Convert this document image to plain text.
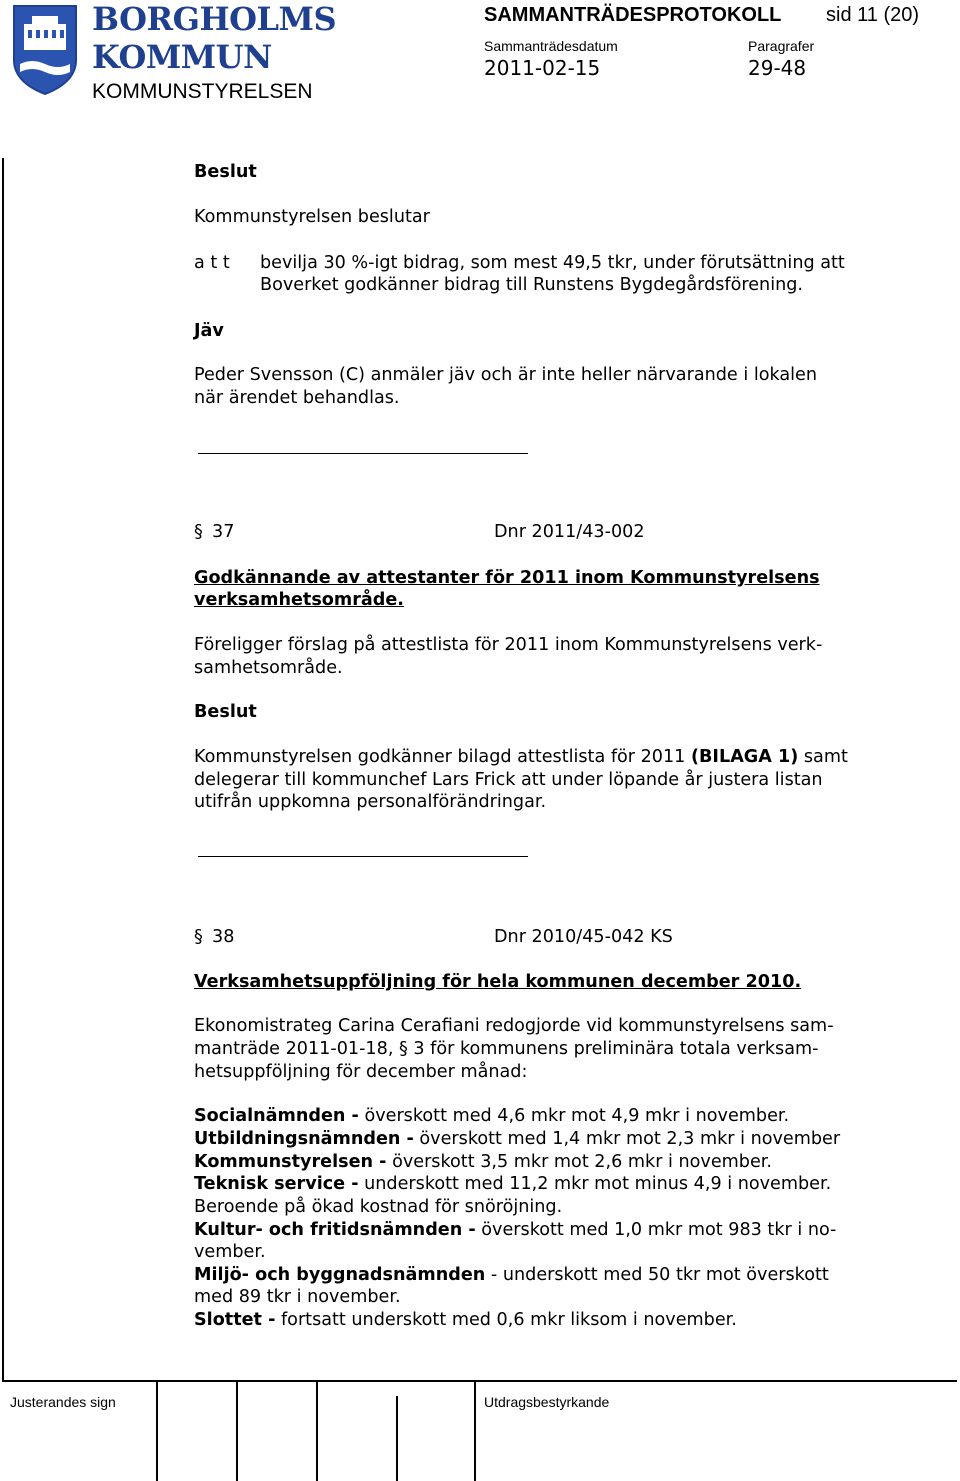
BORGHOLMS
KOMMUN
KOMMUNSTYRELSEN
SAMMANTRÄDESPROTOKOLL sid 11 (20)
Sammanträdesdatum	Paragrafer
2011-02-15	29-48
Beslut
Kommunstyrelsen beslutar
a t t bevilja 30 %-igt bidrag, som mest 49,5 tkr, under förutsättning att
Boverket godkänner bidrag till Runstens Bygdegårdsförening.
Jäv
Peder Svensson (C) anmäler jäv och är inte heller närvarande i lokalen
när ärendet behandlas.
§ 37	Dnr 2011/43-002
Godkännande av attestanter för 2011 inom Kommunstyrelsens
verksamhetsområde.
Föreligger förslag på attestlista för 2011 inom Kommunstyrelsens verk-
samhetsområde.
Beslut
Kommunstyrelsen godkänner bilagd attestlista för 2011 (BILAGA 1) samt
delegerar till kommunchef Lars Frick att under löpande år justera listan
utifrån uppkomna personalförändringar.
§ 38	Dnr 2010/45-042 KS
Verksamhetsuppföljning för hela kommunen december 2010.
Ekonomistrateg Carina Cerafiani redogjorde vid kommunstyrelsens sam-
manträde 2011-01-18, § 3 för kommunens preliminära totala verksam-
hetsuppföljning för december månad:
Socialnämnden - överskott med 4,6 mkr mot 4,9 mkr i november.
Utbildningsnämnden - överskott med 1,4 mkr mot 2,3 mkr i november
Kommunstyrelsen - överskott 3,5 mkr mot 2,6 mkr i november.
Teknisk service - underskott med 11,2 mkr mot minus 4,9 i november.
Beroende på ökad kostnad för snöröjning.
Kultur- och fritidsnämnden - överskott med 1,0 mkr mot 983 tkr i no-
vember.
Miljö- och byggnadsnämnden - underskott med 50 tkr mot överskott
med 89 tkr i november.
Slottet - fortsatt underskott med 0,6 mkr liksom i november.
Justerandes sign	Utdragsbestyrkande
